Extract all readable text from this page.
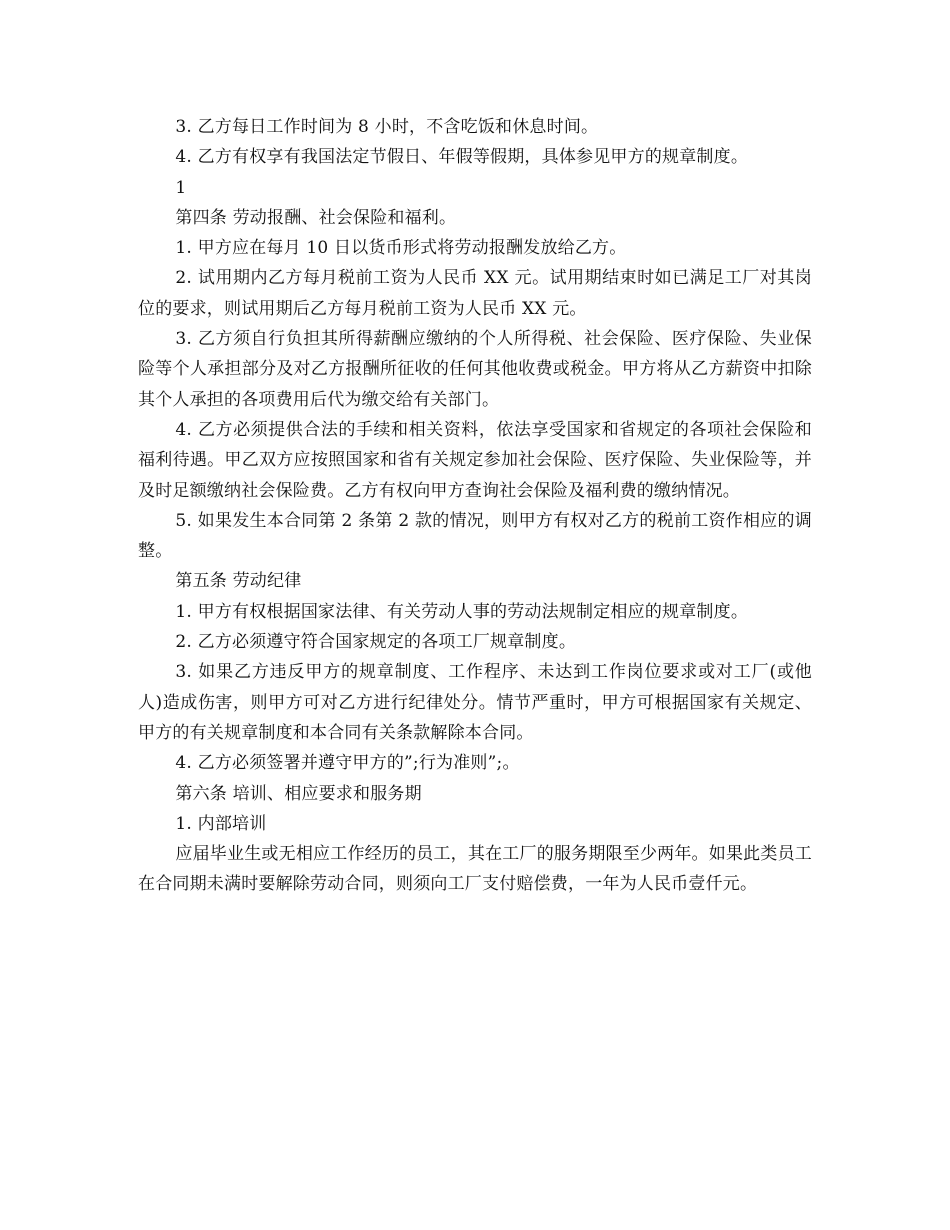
3. 乙方每日工作时间为 8 小时，不含吃饭和休息时间。

4. 乙方有权享有我国法定节假日、年假等假期，具体参见甲方的规章制度。

1

第四条 劳动报酬、社会保险和福利。

1. 甲方应在每月 10 日以货币形式将劳动报酬发放给乙方。

2. 试用期内乙方每月税前工资为人民币 XX 元。试用期结束时如已满足工厂对其岗位的要求，则试用期后乙方每月税前工资为人民币 XX 元。

3. 乙方须自行负担其所得薪酬应缴纳的个人所得税、社会保险、医疗保险、失业保险等个人承担部分及对乙方报酬所征收的任何其他收费或税金。甲方将从乙方薪资中扣除其个人承担的各项费用后代为缴交给有关部门。

4. 乙方必须提供合法的手续和相关资料，依法享受国家和省规定的各项社会保险和福利待遇。甲乙双方应按照国家和省有关规定参加社会保险、医疗保险、失业保险等，并及时足额缴纳社会保险费。乙方有权向甲方查询社会保险及福利费的缴纳情况。

5. 如果发生本合同第 2 条第 2 款的情况，则甲方有权对乙方的税前工资作相应的调整。

第五条 劳动纪律

1. 甲方有权根据国家法律、有关劳动人事的劳动法规制定相应的规章制度。

2. 乙方必须遵守符合国家规定的各项工厂规章制度。

3. 如果乙方违反甲方的规章制度、工作程序、未达到工作岗位要求或对工厂(或他人)造成伤害，则甲方可对乙方进行纪律处分。情节严重时，甲方可根据国家有关规定、甲方的有关规章制度和本合同有关条款解除本合同。

4. 乙方必须签署并遵守甲方的”;行为准则”;。

第六条 培训、相应要求和服务期

1. 内部培训

应届毕业生或无相应工作经历的员工，其在工厂的服务期限至少两年。如果此类员工在合同期未满时要解除劳动合同，则须向工厂支付赔偿费，一年为人民币壹仟元。
